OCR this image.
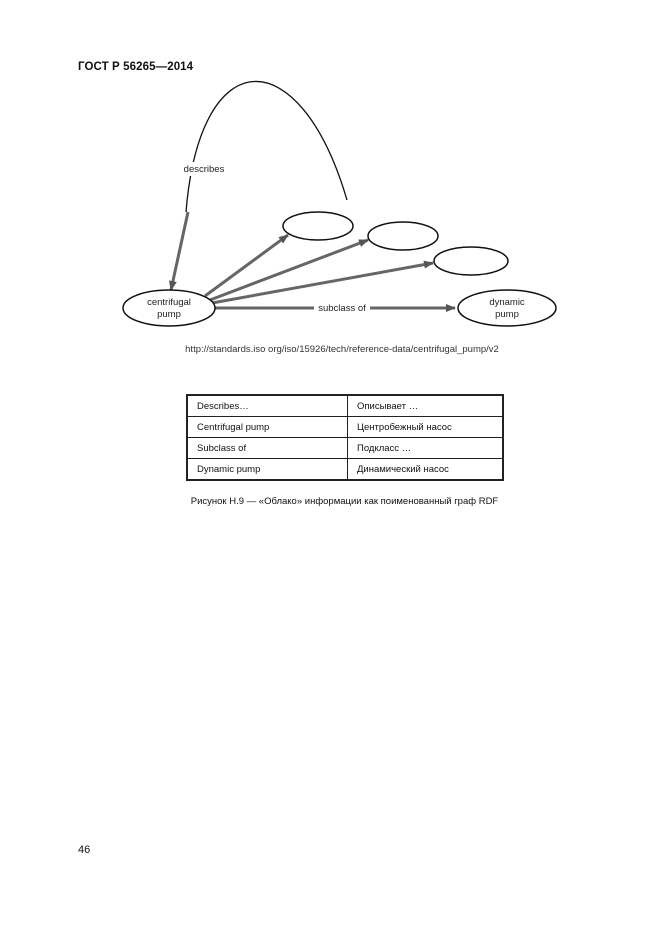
ГОСТ Р 56265—2014
centrifugal
pump
dynamic
pump
describes
subclass of
http://standards.iso org/iso/15926/tech/reference-data/centrifugal_pump/v2
Describes…	Описывает …
Centrifugal pump	Центробежный насос
Subclass of	Подкласс …
Dynamic pump	Динамический насос
Рисунок Н.9 — «Облако» информации как поименованный граф RDF
46
